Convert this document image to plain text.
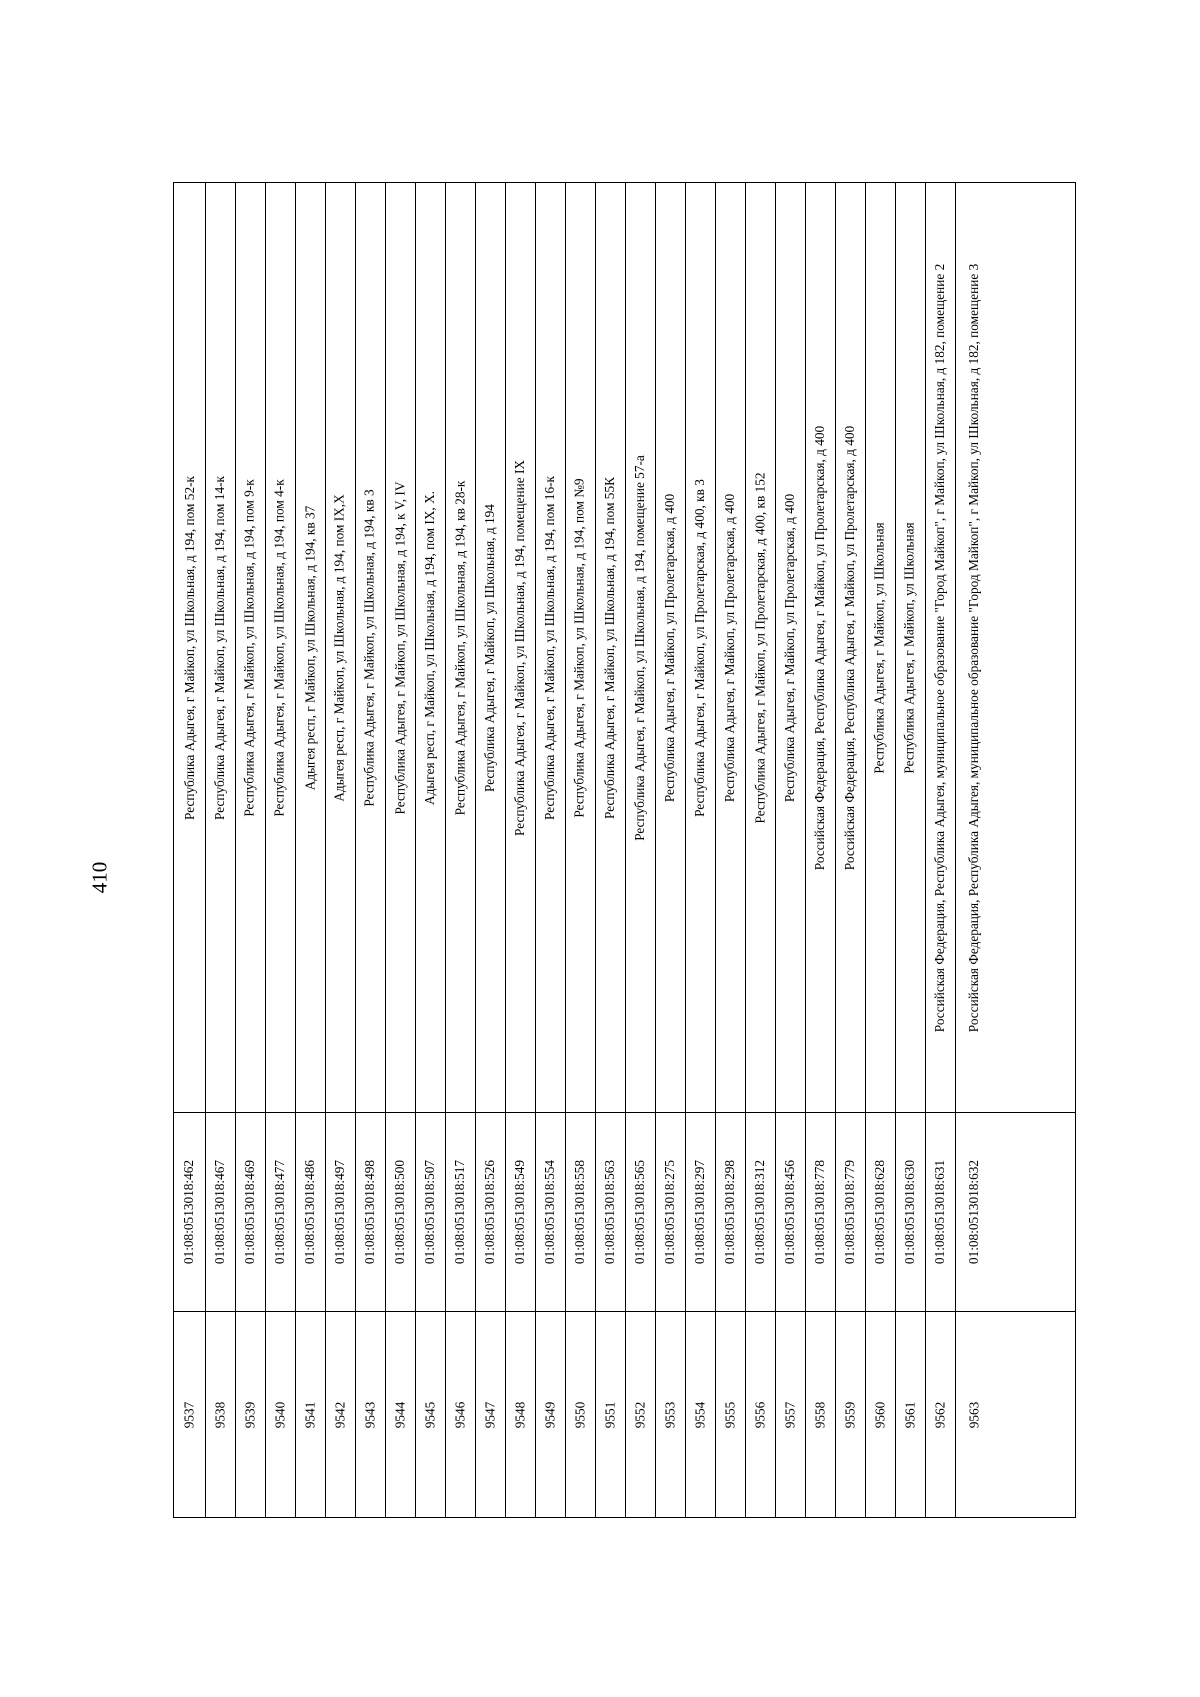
410
Республика Адыгея, г Майкоп, ул Школьная, д 194, пом 52-к
01:08:0513018:462
9537
Республика Адыгея, г Майкоп, ул Школьная, д 194, пом 14-к
01:08:0513018:467
9538
Республика Адыгея, г Майкоп, ул Школьная, д 194, пом 9-к
01:08:0513018:469
9539
Республика Адыгея, г Майкоп, ул Школьная, д 194, пом 4-к
01:08:0513018:477
9540
Адыгея респ, г Майкоп, ул Школьная, д 194, кв 37
01:08:0513018:486
9541
Адыгея респ, г Майкоп, ул Школьная, д 194, пом IX,X
01:08:0513018:497
9542
Республика Адыгея, г Майкоп, ул Школьная, д 194, кв 3
01:08:0513018:498
9543
Республика Адыгея, г Майкоп, ул Школьная, д 194, к V, IV
01:08:0513018:500
9544
Адыгея респ, г Майкоп, ул Школьная, д 194, пом IX, X.
01:08:0513018:507
9545
Республика Адыгея, г Майкоп, ул Школьная, д 194, кв 28-к
01:08:0513018:517
9546
Республика Адыгея, г Майкоп, ул Школьная, д 194
01:08:0513018:526
9547
Республика Адыгея, г Майкоп, ул Школьная, д 194, помещение IX
01:08:0513018:549
9548
Республика Адыгея, г Майкоп, ул Школьная, д 194, пом 16-к
01:08:0513018:554
9549
Республика Адыгея, г Майкоп, ул Школьная, д 194, пом №9
01:08:0513018:558
9550
Республика Адыгея, г Майкоп, ул Школьная, д 194, пом 55К
01:08:0513018:563
9551
Республика Адыгея, г Майкоп, ул Школьная, д 194, помещение 57-а
01:08:0513018:565
9552
Республика Адыгея, г Майкоп, ул Пролетарская, д 400
01:08:0513018:275
9553
Республика Адыгея, г Майкоп, ул Пролетарская, д 400, кв 3
01:08:0513018:297
9554
Республика Адыгея, г Майкоп, ул Пролетарская, д 400
01:08:0513018:298
9555
Республика Адыгея, г Майкоп, ул Пролетарская, д 400, кв 152
01:08:0513018:312
9556
Республика Адыгея, г Майкоп, ул Пролетарская, д 400
01:08:0513018:456
9557
Российская Федерация, Республика Адыгея, г Майкоп, ул Пролетарская, д 400
01:08:0513018:778
9558
Российская Федерация, Республика Адыгея, г Майкоп, ул Пролетарская, д 400
01:08:0513018:779
9559
Республика Адыгея, г Майкоп, ул Школьная
01:08:0513018:628
9560
Республика Адыгея, г Майкоп, ул Школьная
01:08:0513018:630
9561
Российская Федерация, Республика Адыгея, муниципальное образование "Город Майкоп", г Майкоп, ул Школьная, д 182, помещение 2
01:08:0513018:631
9562
Российская Федерация, Республика Адыгея, муниципальное образование "Город Майкоп", г Майкоп, ул Школьная, д 182, помещение 3
01:08:0513018:632
9563
